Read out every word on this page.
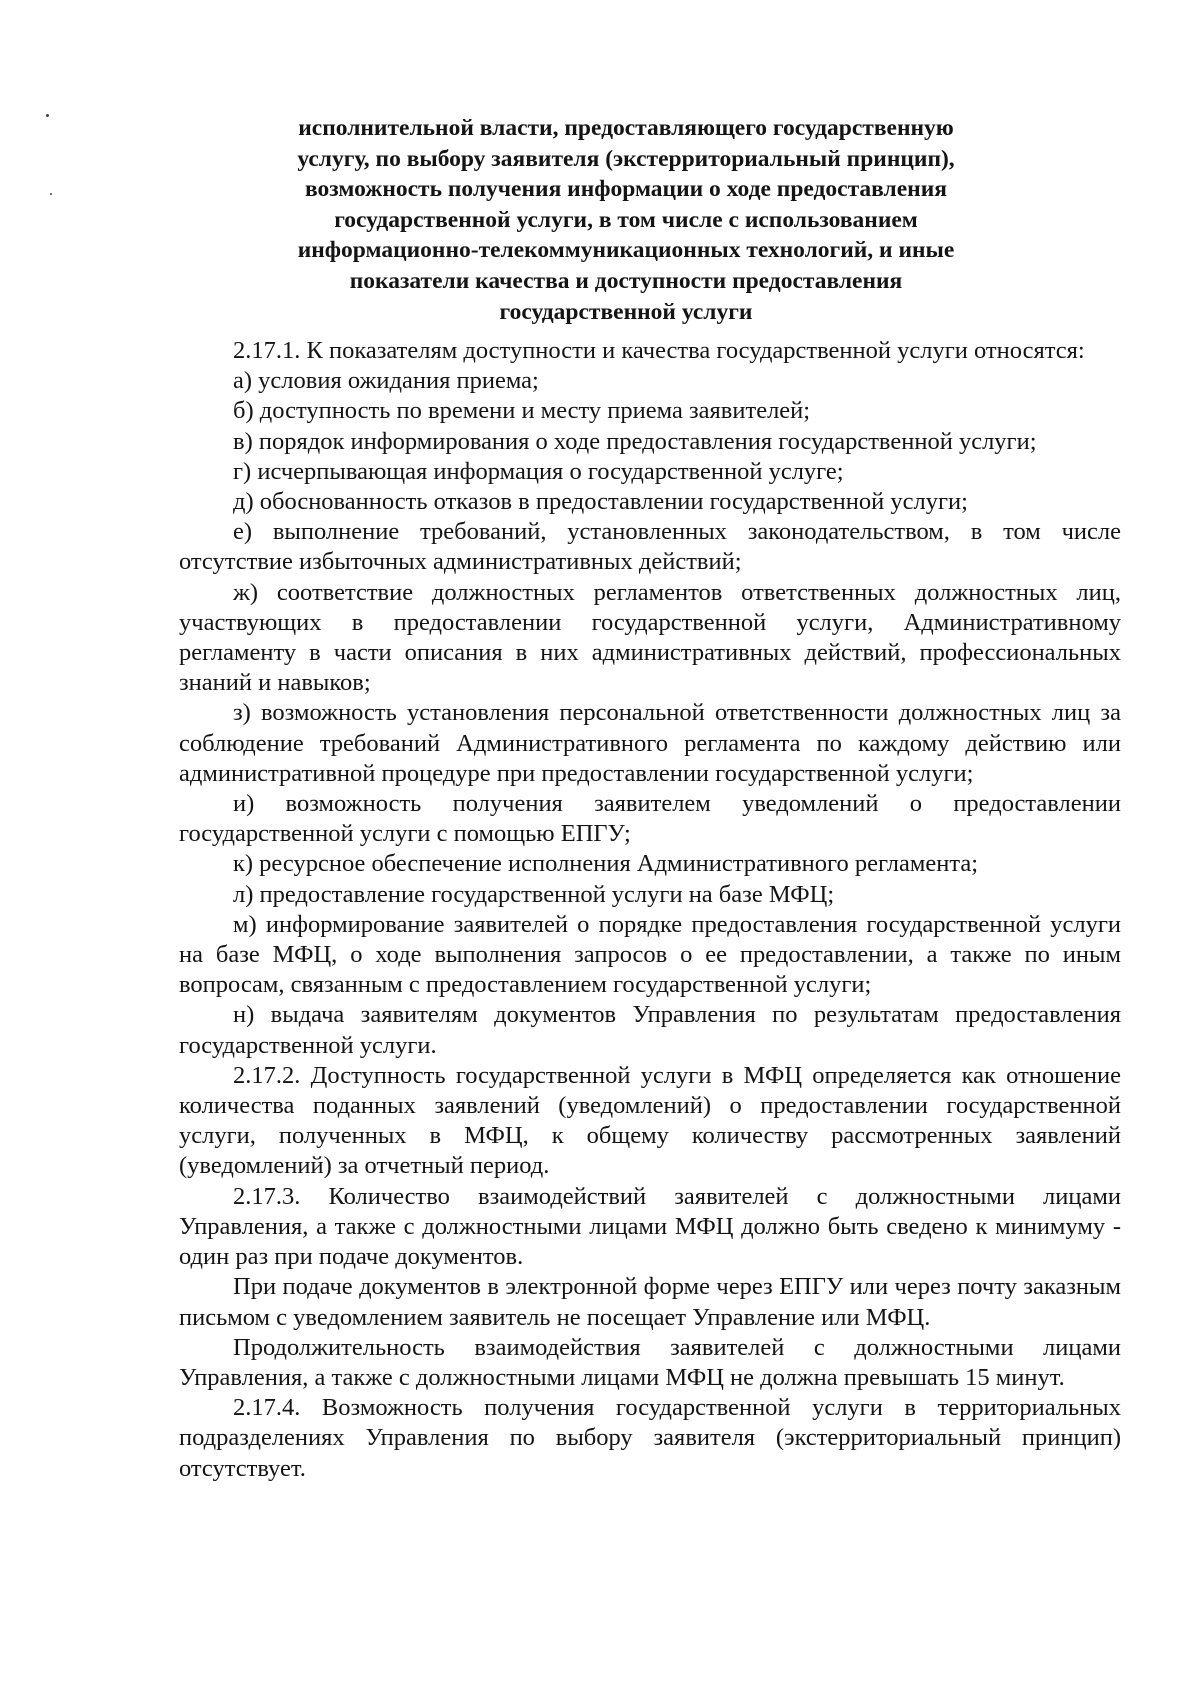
исполнительной власти, предоставляющего государственную
услугу, по выбору заявителя (экстерриториальный принцип),
возможность получения информации о ходе предоставления
государственной услуги, в том числе с использованием
информационно-телекоммуникационных технологий, и иные
показатели качества и доступности предоставления
государственной услуги

2.17.1. К показателям доступности и качества государственной услуги относятся:

а) условия ожидания приема;

б) доступность по времени и месту приема заявителей;

в) порядок информирования о ходе предоставления государственной услуги;

г) исчерпывающая информация о государственной услуге;

д) обоснованность отказов в предоставлении государственной услуги;

е) выполнение требований, установленных законодательством, в том числе отсутствие избыточных административных действий;

ж) соответствие должностных регламентов ответственных должностных лиц, участвующих в предоставлении государственной услуги, Административному регламенту в части описания в них административных действий, профессиональных знаний и навыков;

з) возможность установления персональной ответственности должностных лиц за соблюдение требований Административного регламента по каждому действию или административной процедуре при предоставлении государственной услуги;

и) возможность получения заявителем уведомлений о предоставлении государственной услуги с помощью ЕПГУ;

к) ресурсное обеспечение исполнения Административного регламента;

л) предоставление государственной услуги на базе МФЦ;

м) информирование заявителей о порядке предоставления государственной услуги на базе МФЦ, о ходе выполнения запросов о ее предоставлении, а также по иным вопросам, связанным с предоставлением государственной услуги;

н) выдача заявителям документов Управления по результатам предоставления государственной услуги.

2.17.2. Доступность государственной услуги в МФЦ определяется как отношение количества поданных заявлений (уведомлений) о предоставлении государственной услуги, полученных в МФЦ, к общему количеству рассмотренных заявлений (уведомлений) за отчетный период.

2.17.3. Количество взаимодействий заявителей с должностными лицами Управления, а также с должностными лицами МФЦ должно быть сведено к минимуму - один раз при подаче документов.

При подаче документов в электронной форме через ЕПГУ или через почту заказным письмом с уведомлением заявитель не посещает Управление или МФЦ.

Продолжительность взаимодействия заявителей с должностными лицами Управления, а также с должностными лицами МФЦ не должна превышать 15 минут.

2.17.4. Возможность получения государственной услуги в территориальных подразделениях Управления по выбору заявителя (экстерриториальный принцип) отсутствует.
